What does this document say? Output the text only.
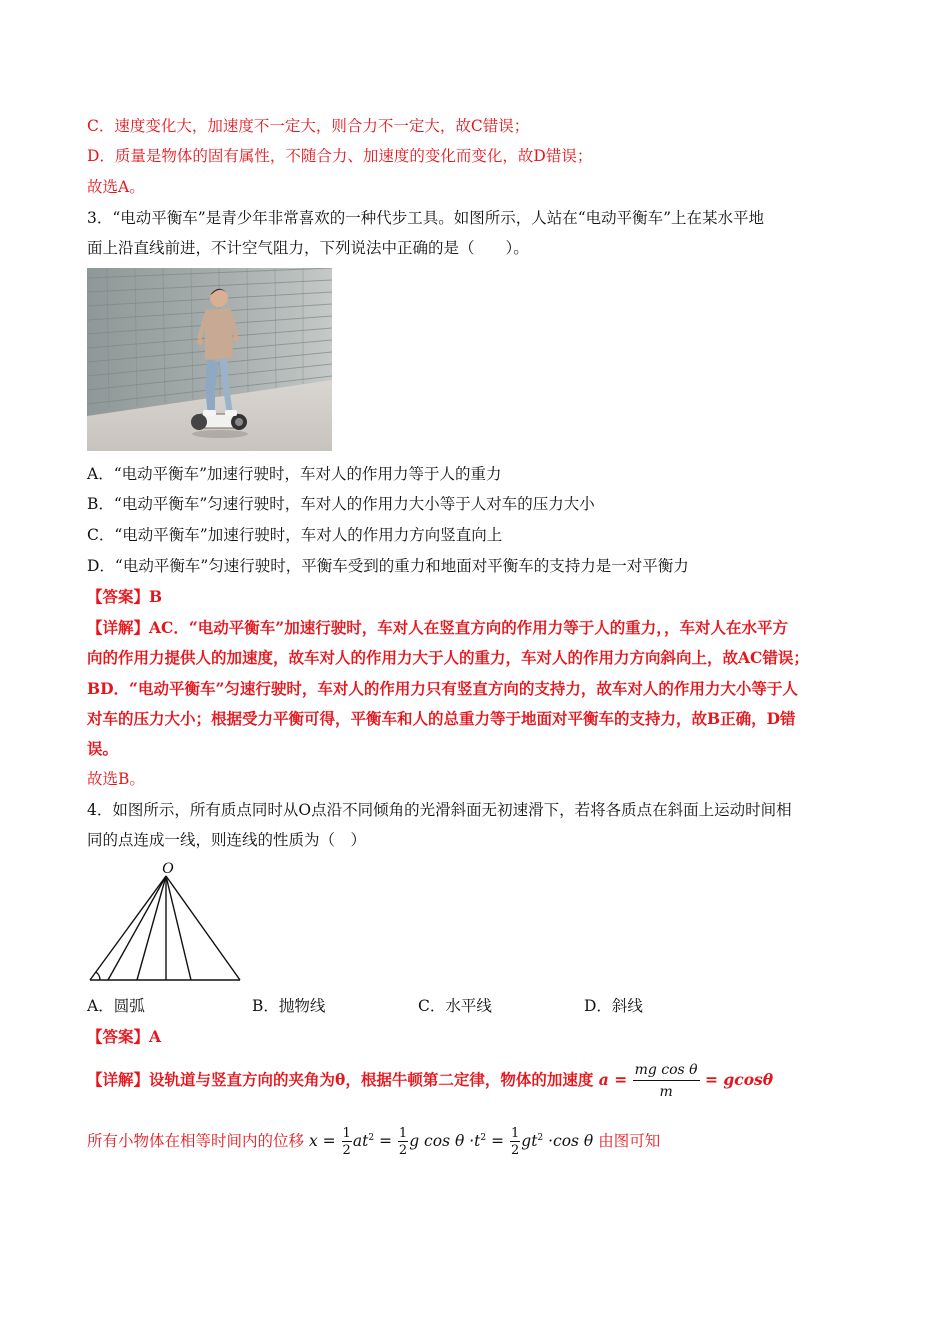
C．速度变化大，加速度不一定大，则合力不一定大，故C错误；
D．质量是物体的固有属性，不随合力、加速度的变化而变化，故D错误；
故选A。
3．“电动平衡车”是青少年非常喜欢的一种代步工具。如图所示，人站在“电动平衡车”上在某水平地
面上沿直线前进，不计空气阻力，下列说法中正确的是（　　）。
A．“电动平衡车”加速行驶时，车对人的作用力等于人的重力
B．“电动平衡车”匀速行驶时，车对人的作用力大小等于人对车的压力大小
C．“电动平衡车”加速行驶时，车对人的作用力方向竖直向上
D．“电动平衡车”匀速行驶时，平衡车受到的重力和地面对平衡车的支持力是一对平衡力
【答案】B
【详解】AC．“电动平衡车”加速行驶时，车对人在竖直方向的作用力等于人的重力，，车对人在水平方
向的作用力提供人的加速度，故车对人的作用力大于人的重力，车对人的作用力方向斜向上，故AC错误；
BD．“电动平衡车”匀速行驶时，车对人的作用力只有竖直方向的支持力，故车对人的作用力大小等于人
对车的压力大小；根据受力平衡可得，平衡车和人的总重力等于地面对平衡车的支持力，故B正确，D错
误。
故选B。
4．如图所示，所有质点同时从O点沿不同倾角的光滑斜面无初速滑下，若将各质点在斜面上运动时间相
同的点连成一线，则连线的性质为（　）
O
A．圆弧	B．抛物线	C．水平线	D．斜线
【答案】A
【详解】设轨道与竖直方向的夹角为θ，根据牛顿第二定律，物体的加速度 $a = \frac{\text{mg cos θ}}{m} = gcos\theta$
所有小物体在相等时间内的位移 $x = \frac{1}{2} at^2 = \frac{1}{2}$ g $\cos \theta \cdot t^2 = \frac{1}{2} gt^2 \cdot\cos$ θ 由图可知
